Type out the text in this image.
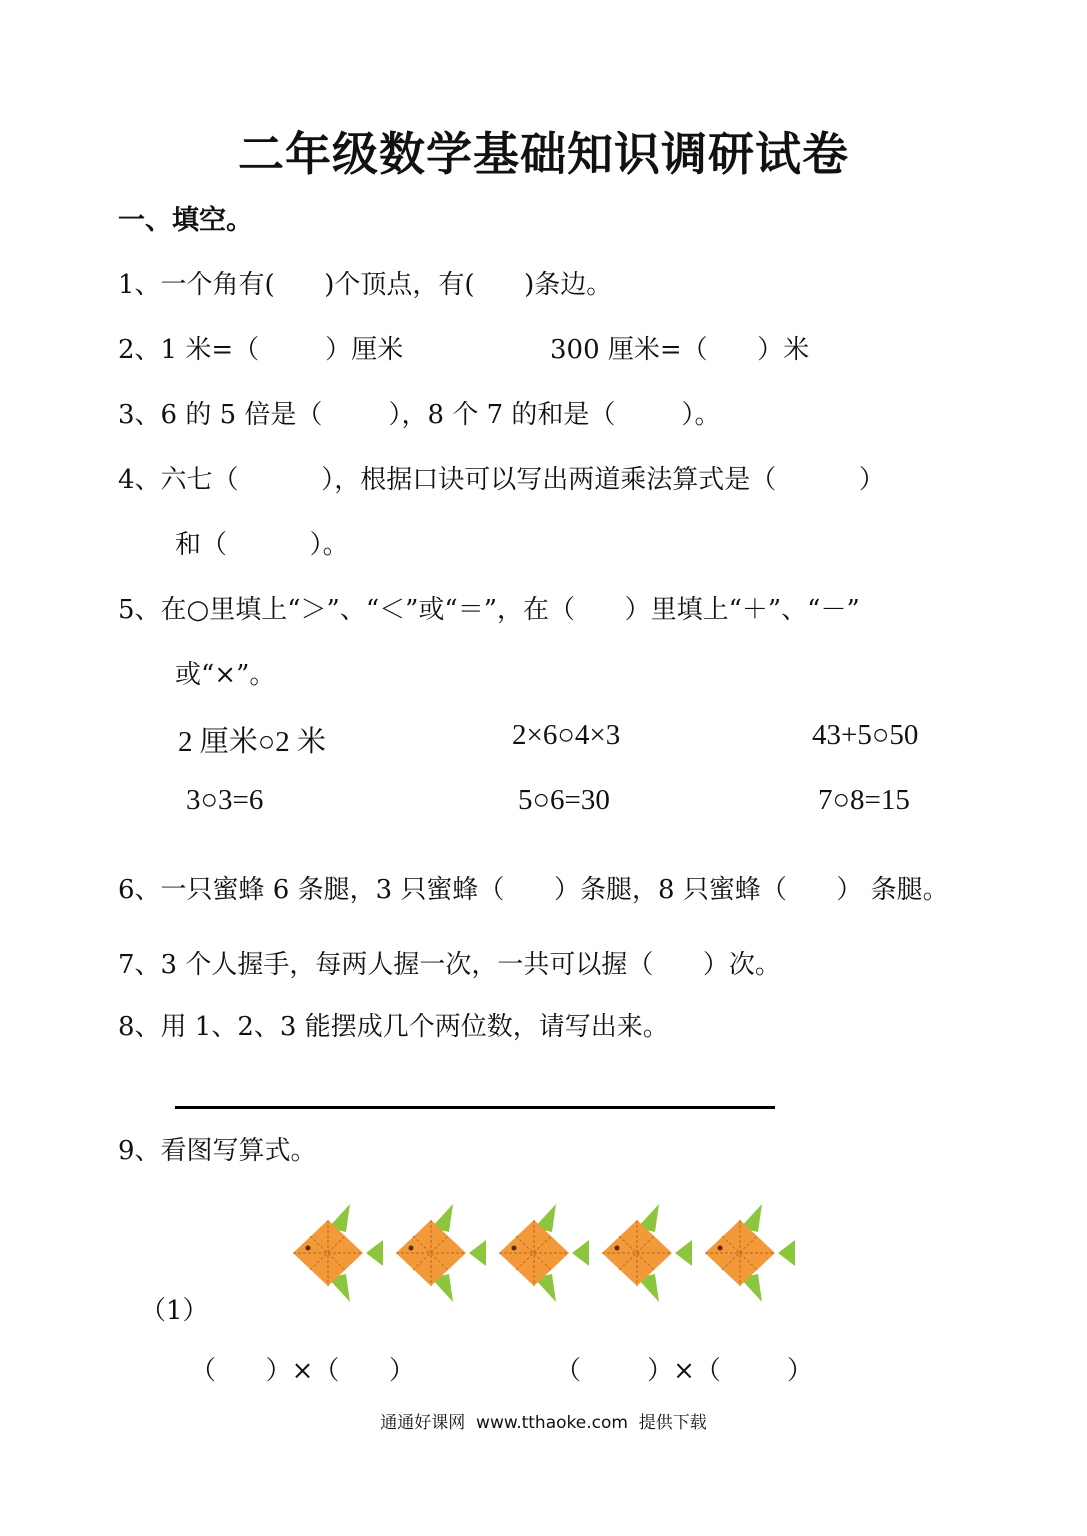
二年级数学基础知识调研试卷
一、填空。
1、一个角有(      )个顶点，有(      )条边。
2、1 米=（        ）厘米	300 厘米=（      ）米
3、6 的 5 倍是（        ），8 个 7 的和是（        ）。
4、六七（          ），根据口诀可以写出两道乘法算式是（          ）
和（          ）。
5、在○里填上“＞”、“＜”或“＝”，在（      ）里填上“＋”、“－”
或“×”。
2 厘米○2 米	2×6○4×3	43+5○50
3○3=6	5○6=30	7○8=15
6、一只蜜蜂 6 条腿，3 只蜜蜂（      ）条腿，8 只蜜蜂（      ） 条腿。
7、3 个人握手，每两人握一次，一共可以握（      ）次。
8、用 1、2、3 能摆成几个两位数，请写出来。
9、看图写算式。
（1）
（      ）×（      ）	（        ）×（        ）
通通好课网  www.tthaoke.com  提供下载
